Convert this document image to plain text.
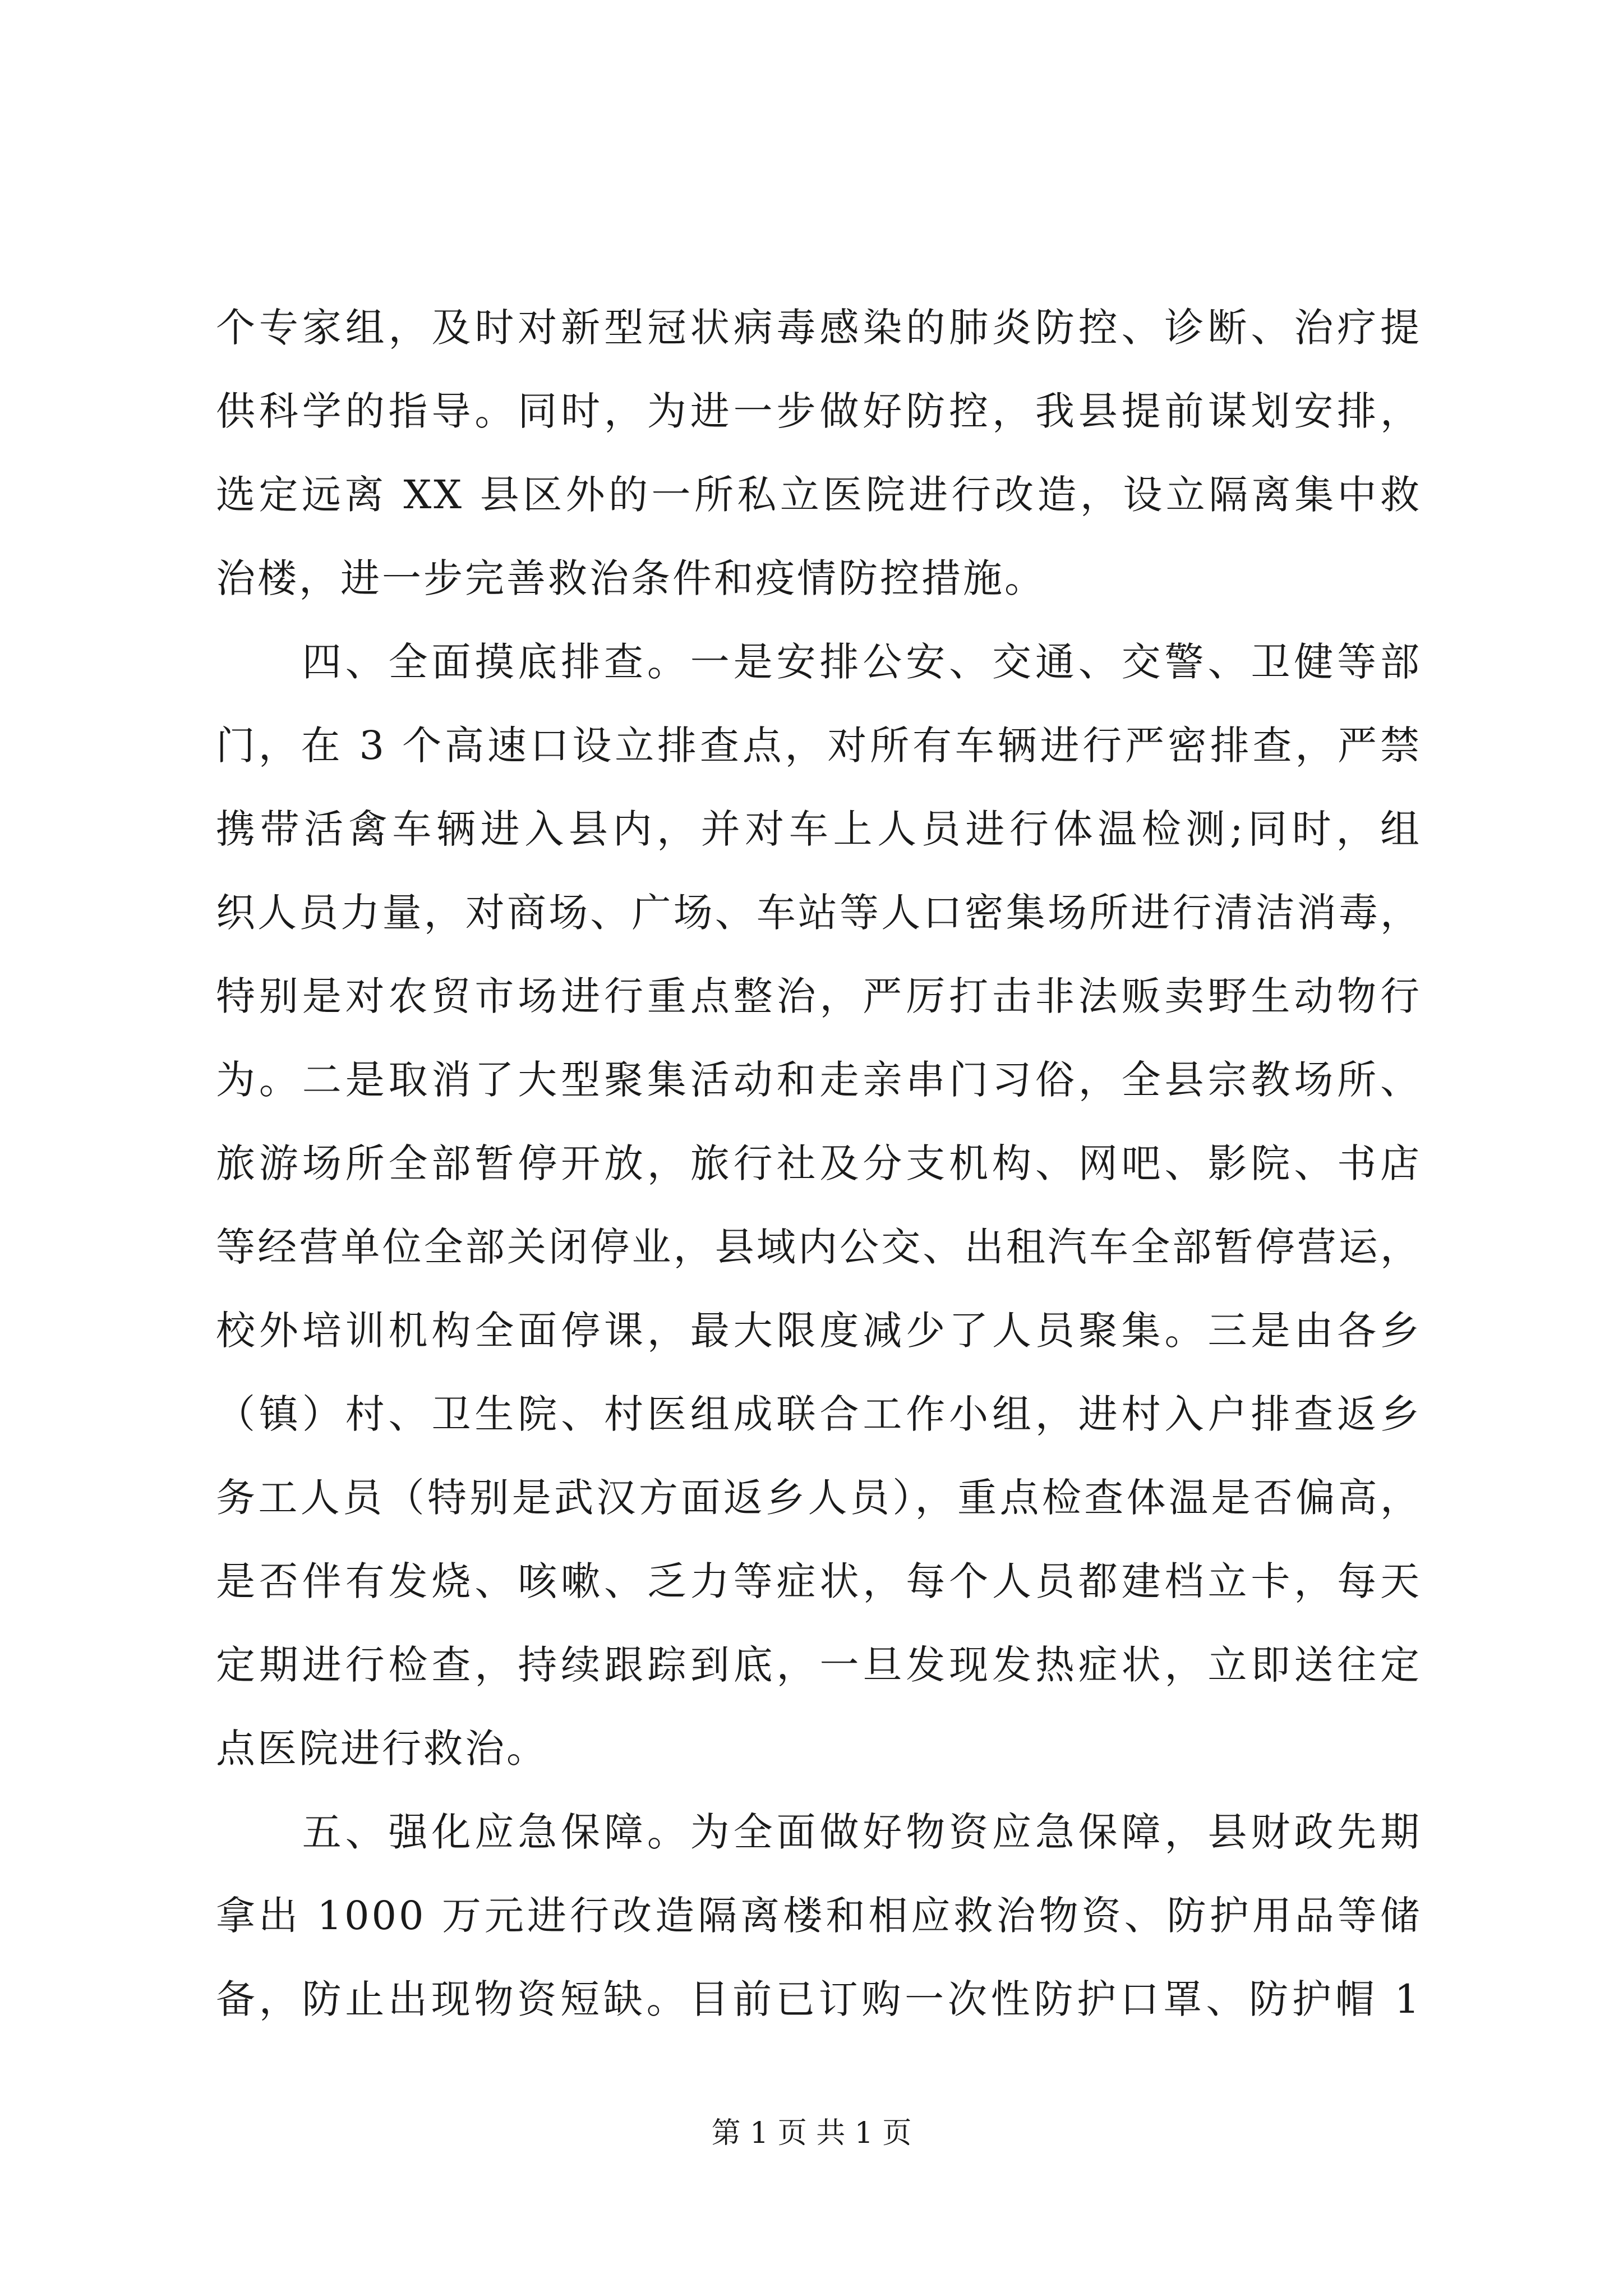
个专家组，及时对新型冠状病毒感染的肺炎防控、诊断、治疗提
供科学的指导。同时，为进一步做好防控，我县提前谋划安排，
选定远离 XX 县区外的一所私立医院进行改造，设立隔离集中救
治楼，进一步完善救治条件和疫情防控措施。
　　四、全面摸底排查。一是安排公安、交通、交警、卫健等部
门，在 3 个高速口设立排查点，对所有车辆进行严密排查，严禁
携带活禽车辆进入县内，并对车上人员进行体温检测;同时，组
织人员力量，对商场、广场、车站等人口密集场所进行清洁消毒，
特别是对农贸市场进行重点整治，严厉打击非法贩卖野生动物行
为。二是取消了大型聚集活动和走亲串门习俗，全县宗教场所、
旅游场所全部暂停开放，旅行社及分支机构、网吧、影院、书店
等经营单位全部关闭停业，县域内公交、出租汽车全部暂停营运，
校外培训机构全面停课，最大限度减少了人员聚集。三是由各乡
（镇）村、卫生院、村医组成联合工作小组，进村入户排查返乡
务工人员（特别是武汉方面返乡人员），重点检查体温是否偏高，
是否伴有发烧、咳嗽、乏力等症状，每个人员都建档立卡，每天
定期进行检查，持续跟踪到底，一旦发现发热症状，立即送往定
点医院进行救治。
　　五、强化应急保障。为全面做好物资应急保障，县财政先期
拿出 1000 万元进行改造隔离楼和相应救治物资、防护用品等储
备，防止出现物资短缺。目前已订购一次性防护口罩、防护帽 1
第 1 页 共 1 页
